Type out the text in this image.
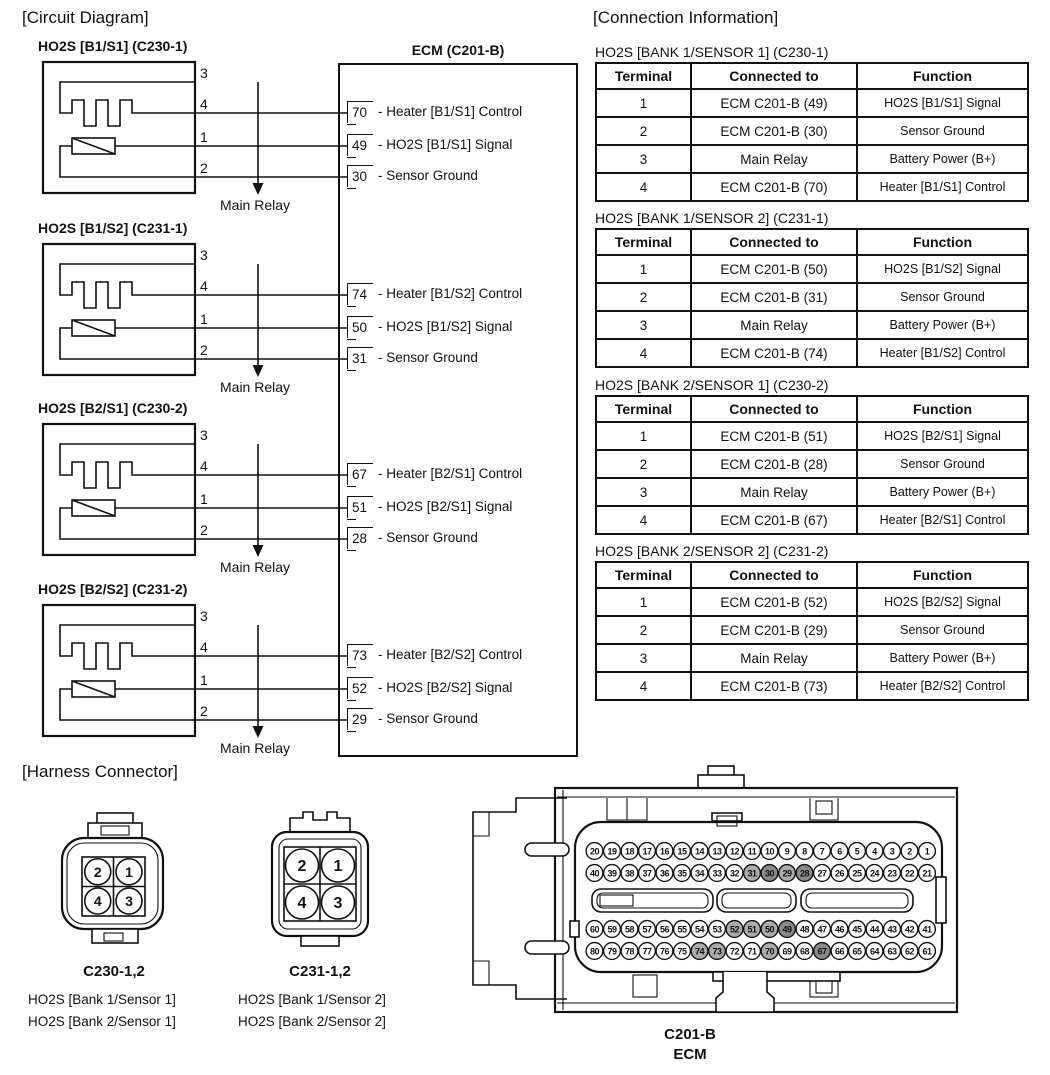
2 1
4 3
2 1
4 3
20 19 18 17 16 15 14 13 12 11 10 9 8 7 6 5 4 3 2 1
40 39 38 37 36 35 34 33 32 31 30 29 28 27 26 25 24 23 22 21
60 59 58 57 56 55 54 53 52 51 50 49 48 47 46 45 44 43 42 41
80 79 78 77 76 75 74 73 72 71 70 69 68 67 66 65 64 63 62 61
[Circuit Diagram]	[Connection Information]
[Harness Connector]
ECM (C201-B)
C230-1,2	C231-1,2
HO2S [Bank 1/Sensor 1]
HO2S [Bank 2/Sensor 1]
HO2S [Bank 1/Sensor 2]
HO2S [Bank 2/Sensor 2]
C201-B
ECM
HO2S [B1/S1] (C230-1)
3
4
1
2
Main Relay
70 - Heater [B1/S1] Control
49 - HO2S [B1/S1] Signal
30 - Sensor Ground
HO2S [B1/S2] (C231-1)
3
4
1
2
Main Relay
74 - Heater [B1/S2] Control
50 - HO2S [B1/S2] Signal
31 - Sensor Ground
HO2S [B2/S1] (C230-2)
3
4
1
2
Main Relay
67 - Heater [B2/S1] Control
51 - HO2S [B2/S1] Signal
28 - Sensor Ground
HO2S [B2/S2] (C231-2)
3
4
1
2
Main Relay
73 - Heater [B2/S2] Control
52 - HO2S [B2/S2] Signal
29 - Sensor Ground
HO2S [BANK 1/SENSOR 1] (C230-1)
Terminal	Connected to	Function
1	ECM C201-B (49)	HO2S [B1/S1] Signal
2	ECM C201-B (30)	Sensor Ground
3	Main Relay	Battery Power (B+)
4	ECM C201-B (70)	Heater [B1/S1] Control
HO2S [BANK 1/SENSOR 2] (C231-1)
Terminal	Connected to	Function
1	ECM C201-B (50)	HO2S [B1/S2] Signal
2	ECM C201-B (31)	Sensor Ground
3	Main Relay	Battery Power (B+)
4	ECM C201-B (74)	Heater [B1/S2] Control
HO2S [BANK 2/SENSOR 1] (C230-2)
Terminal	Connected to	Function
1	ECM C201-B (51)	HO2S [B2/S1] Signal
2	ECM C201-B (28)	Sensor Ground
3	Main Relay	Battery Power (B+)
4	ECM C201-B (67)	Heater [B2/S1] Control
HO2S [BANK 2/SENSOR 2] (C231-2)
Terminal	Connected to	Function
1	ECM C201-B (52)	HO2S [B2/S2] Signal
2	ECM C201-B (29)	Sensor Ground
3	Main Relay	Battery Power (B+)
4	ECM C201-B (73)	Heater [B2/S2] Control
